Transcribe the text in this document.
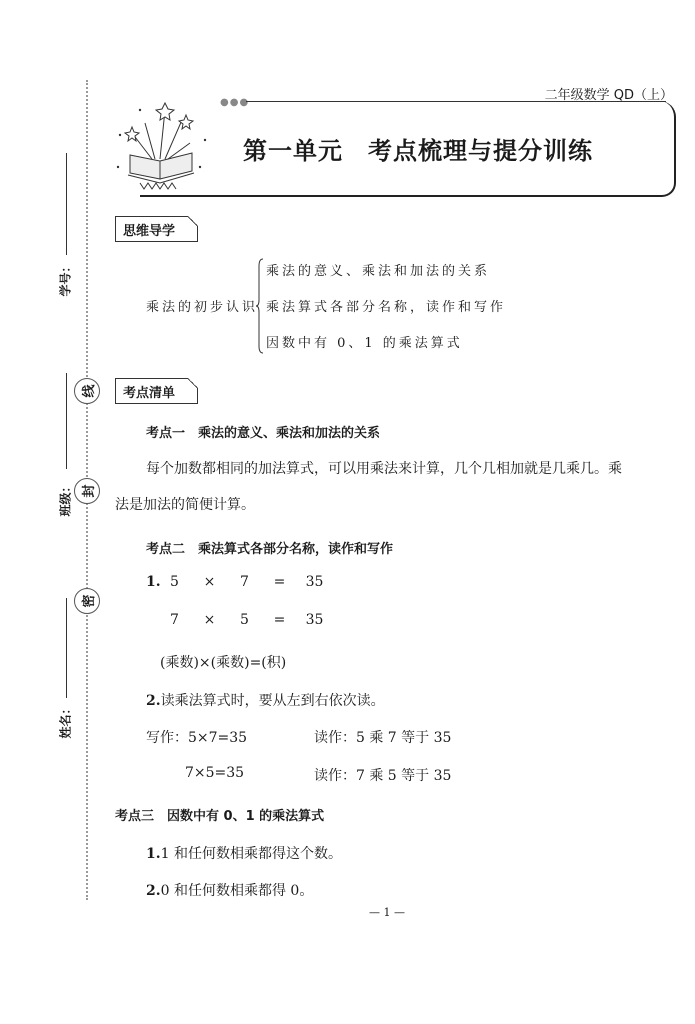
线
封
密
学号：
班级：
姓名：
二年级数学 QD（上）
●●●
第一单元　考点梳理与提分训练
思维导学
乘法的初步认识
乘法的意义、乘法和加法的关系
乘法算式各部分名称，读作和写作
因数中有 0、1 的乘法算式
考点清单
考点一　乘法的意义、乘法和加法的关系
每个加数都相同的加法算式，可以用乘法来计算，几个几相加就是几乘几。乘
法是加法的简便计算。
考点二　乘法算式各部分名称，读作和写作
1. 5 × 7 = 35
7 × 5 = 35
(乘数)×(乘数)=(积)
2.读乘法算式时，要从左到右依次读。
写作：5×7=35	读作：5 乘 7 等于 35
7×5=35	读作：7 乘 5 等于 35
考点三　因数中有 0、1 的乘法算式
1.1 和任何数相乘都得这个数。
2.0 和任何数相乘都得 0。
— 1 —
